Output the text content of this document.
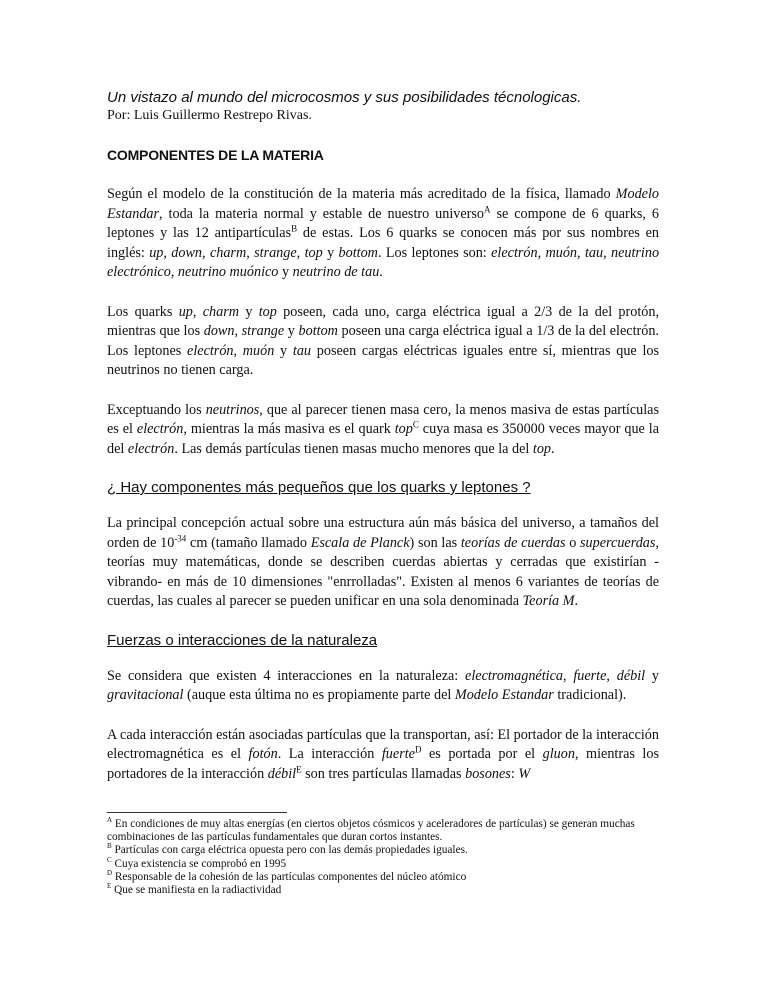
Un vistazo al mundo del microcosmos y sus posibilidades técnologicas.
Por: Luis Guillermo Restrepo Rivas.
COMPONENTES DE LA MATERIA

Según el modelo de la constitución de la materia más acreditado de la física, llamado Modelo Estandar, toda la materia normal y estable de nuestro universo$^A$ se compone de 6 quarks, 6 leptones y las 12 antipartículas$^B$ de estas. Los 6 quarks se conocen más por sus nombres en inglés: up, down, charm, strange, top y bottom. Los leptones son: electrón, muón, tau, neutrino electrónico, neutrino muónico y neutrino de tau.

Los quarks up, charm y top poseen, cada uno, carga eléctrica igual a 2/3 de la del protón, mientras que los down, strange y bottom poseen una carga eléctrica igual a 1/3 de la del electrón. Los leptones electrón, muón y tau poseen cargas eléctricas iguales entre sí, mientras que los neutrinos no tienen carga.

Exceptuando los neutrinos, que al parecer tienen masa cero, la menos masiva de estas partículas es el electrón, mientras la más masiva es el quark top$^C$ cuya masa es 350000 veces mayor que la del electrón. Las demás partículas tienen masas mucho menores que la del top.

¿ Hay componentes más pequeños que los quarks y leptones ?

La principal concepción actual sobre una estructura aún más básica del universo, a tamaños del orden de $10^{-34}$ cm (tamaño llamado Escala de Planck) son las teorías de cuerdas o supercuerdas, teorías muy matemáticas, donde se describen cuerdas abiertas y cerradas que existirían -vibrando- en más de 10 dimensiones "enrrolladas". Existen al menos 6 variantes de teorías de cuerdas, las cuales al parecer se pueden unificar en una sola denominada Teoría M.

Fuerzas o interacciones de la naturaleza

Se considera que existen 4 interacciones en la naturaleza: electromagnética, fuerte, débil y gravitacional (auque esta última no es propiamente parte del Modelo Estandar tradicional).

A cada interacción están asociadas partículas que la transportan, así: El portador de la interacción electromagnética es el fotón. La interacción fuerte$^D$ es portada por el gluon, mientras los portadores de la interacción débil$^E$ son tres partículas llamadas bosones: W

$^A$ En condiciones de muy altas energías (en ciertos objetos cósmicos y aceleradores de partículas) se generan muchas combinaciones de las partículas fundamentales que duran cortos instantes.
$^B$ Partículas con carga eléctrica opuesta pero con las demás propiedades iguales.
$^C$ Cuya existencia se comprobó en 1995
$^D$ Responsable de la cohesión de las partículas componentes del núcleo atómico
$^E$ Que se manifiesta en la radiactividad
